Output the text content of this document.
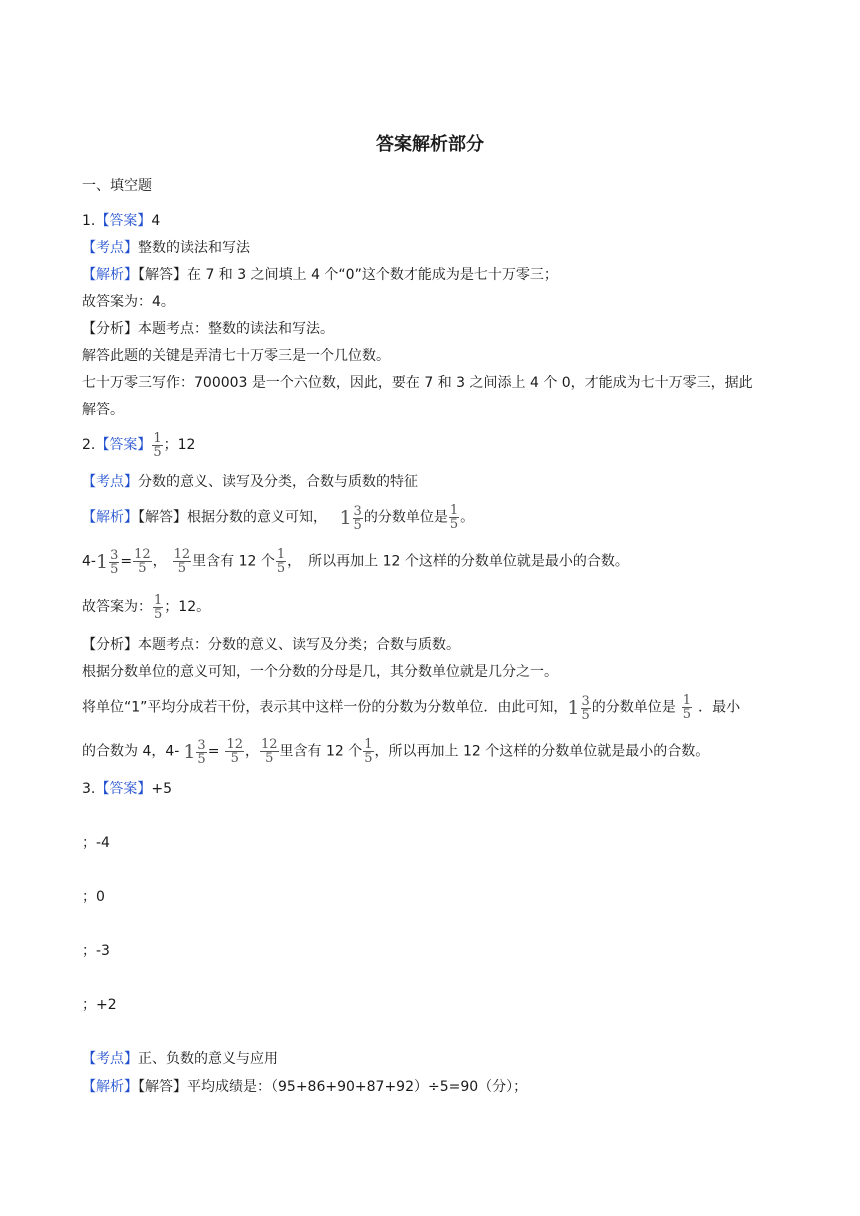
答案解析部分
一、填空题
1.【答案】4
【考点】整数的读法和写法
【解析】【解答】在 7 和 3 之间填上 4 个“0”这个数才能成为是七十万零三；
故答案为：4。
【分析】本题考点：整数的读法和写法。
解答此题的关键是弄清七十万零三是一个几位数。
七十万零三写作：700003 是一个六位数，因此，要在 7 和 3 之间添上 4 个 0，才能成为七十万零三，据此
解答。
2.【答案】 $\frac{1}{5}$ ；12
【考点】分数的意义、读写及分类，合数与质数的特征
【解析】【解答】根据分数的意义可知， $1 \frac{3}{5}$ 的分数单位是 $\frac{1}{5}$ 。
$4-1 \frac{3}{5} = \frac{12}{5}$ ， $\frac{12}{5}$ 里含有 12 个 $\frac{1}{5}$ ，　所以再加上 12 个这样的分数单位就是最小的合数。
故答案为： $\frac{1}{5}$ ；12。
【分析】本题考点：分数的意义、读写及分类；合数与质数。
根据分数单位的意义可知，一个分数的分母是几，其分数单位就是几分之一。
将单位“1”平均分成若干份，表示其中这样一份的分数为分数单位．由此可知，$1 \frac{3}{5}$ 的分数单位是 $\frac{1}{5}$ ．最小
的合数为 4，4- $1 \frac{3}{5} = \frac{12}{5}$ ， $\frac{12}{5}$ 里含有 12 个 $\frac{1}{5}$ ，所以再加上 12 个这样的分数单位就是最小的合数。
3.【答案】+5
；-4
；0
；-3
；+2
【考点】正、负数的意义与应用
【解析】【解答】平均成绩是：（95+86+90+87+92）÷5=90（分）；
